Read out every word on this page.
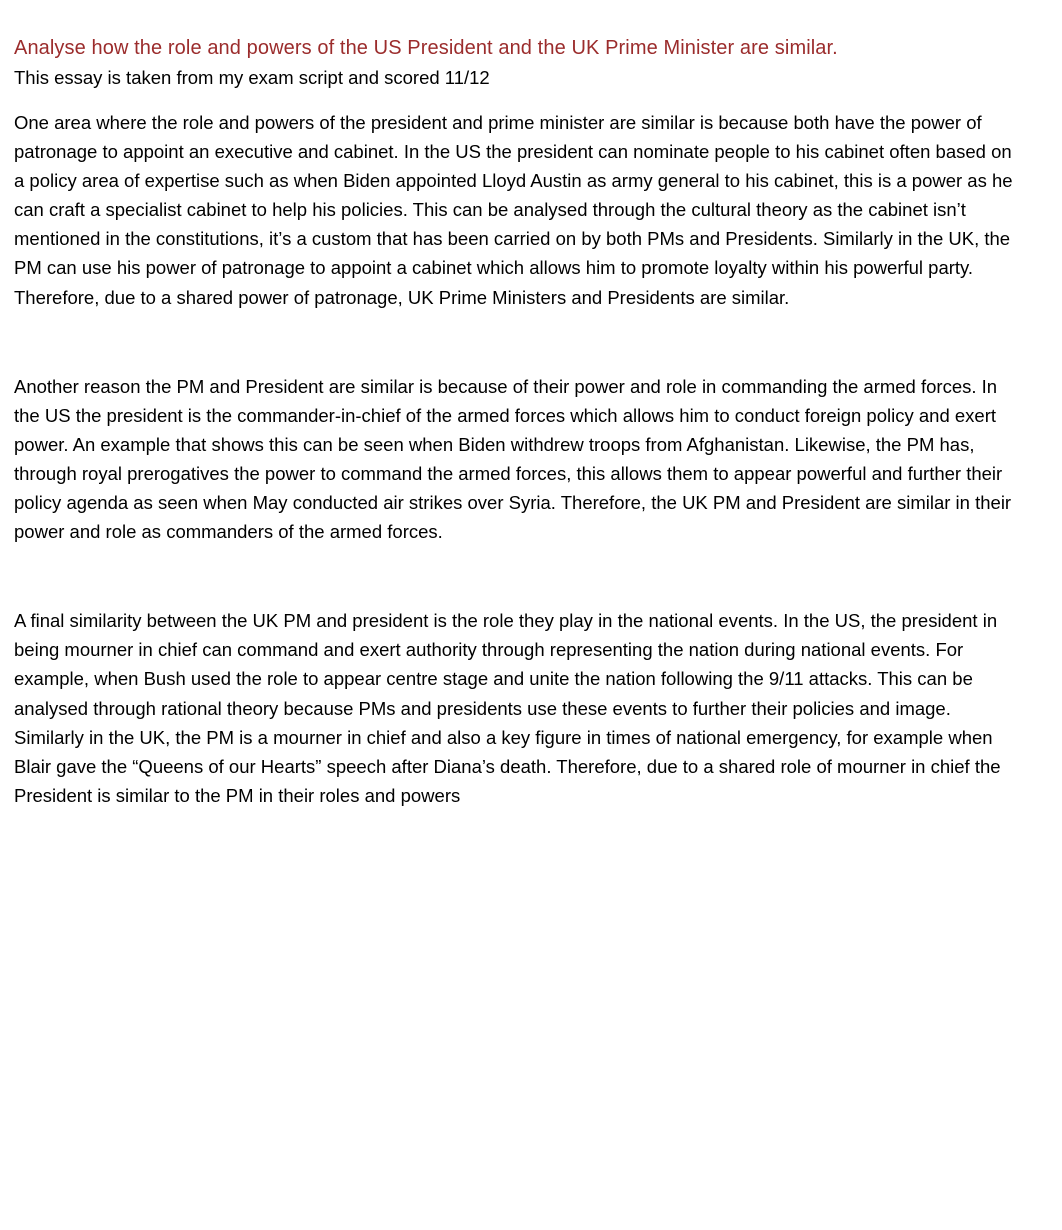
Analyse how the role and powers of the US President and the UK Prime Minister are similar.

This essay is taken from my exam script and scored 11/12

One area where the role and powers of the president and prime minister are similar is because both have the power of patronage to appoint an executive and cabinet. In the US the president can nominate people to his cabinet often based on a policy area of expertise such as when Biden appointed Lloyd Austin as army general to his cabinet, this is a power as he can craft a specialist cabinet to help his policies. This can be analysed through the cultural theory as the cabinet isn’t mentioned in the constitutions, it’s a custom that has been carried on by both PMs and Presidents. Similarly in the UK, the PM can use his power of patronage to appoint a cabinet which allows him to promote loyalty within his powerful party. Therefore, due to a shared power of patronage, UK Prime Ministers and Presidents are similar.

Another reason the PM and President are similar is because of their power and role in commanding the armed forces. In the US the president is the commander-in-chief of the armed forces which allows him to conduct foreign policy and exert power. An example that shows this can be seen when Biden withdrew troops from Afghanistan. Likewise, the PM has, through royal prerogatives the power to command the armed forces, this allows them to appear powerful and further their policy agenda as seen when May conducted air strikes over Syria. Therefore, the UK PM and President are similar in their power and role as commanders of the armed forces.

A final similarity between the UK PM and president is the role they play in the national events. In the US, the president in being mourner in chief can command and exert authority through representing the nation during national events. For example, when Bush used the role to appear centre stage and unite the nation following the 9/11 attacks. This can be analysed through rational theory because PMs and presidents use these events to further their policies and image. Similarly in the UK, the PM is a mourner in chief and also a key figure in times of national emergency, for example when Blair gave the “Queens of our Hearts” speech after Diana’s death. Therefore, due to a shared role of mourner in chief the President is similar to the PM in their roles and powers
